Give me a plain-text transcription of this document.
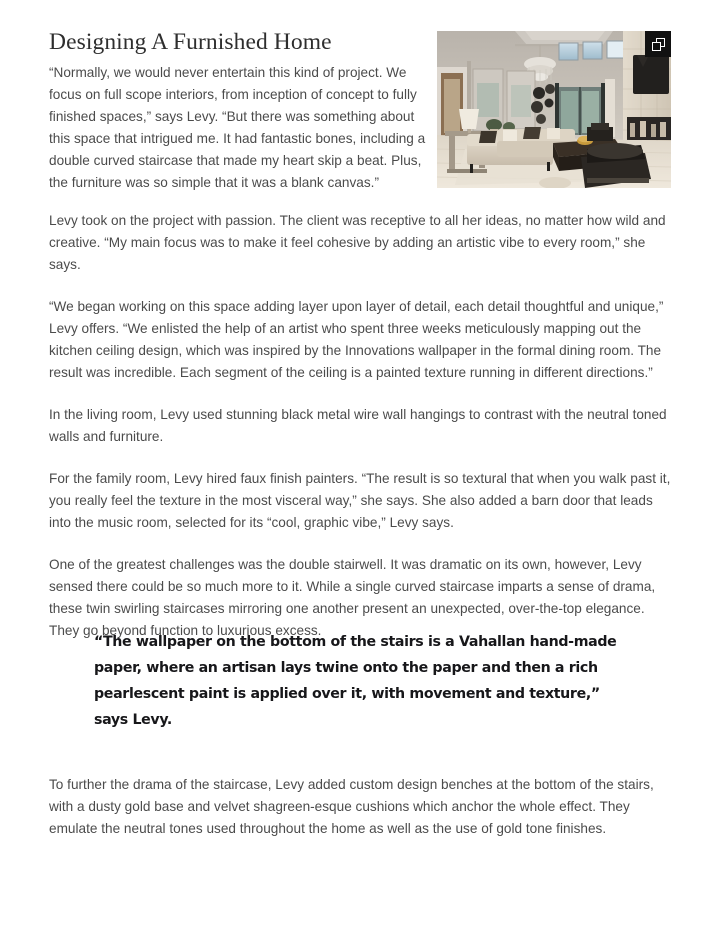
Designing A Furnished Home

“Normally, we would never entertain this kind of project. We focus on full scope interiors, from inception of concept to fully finished spaces,” says Levy. “But there was something about this space that intrigued me. It had fantastic bones, including a double curved staircase that made my heart skip a beat. Plus, the furniture was so simple that it was a blank canvas.”

Levy took on the project with passion. The client was receptive to all her ideas, no matter how wild and creative. “My main focus was to make it feel cohesive by adding an artistic vibe to every room,” she says.

“We began working on this space adding layer upon layer of detail, each detail thoughtful and unique,” Levy offers. “We enlisted the help of an artist who spent three weeks meticulously mapping out the kitchen ceiling design, which was inspired by the Innovations wallpaper in the formal dining room. The result was incredible. Each segment of the ceiling is a painted texture running in different directions.”

In the living room, Levy used stunning black metal wire wall hangings to contrast with the neutral toned walls and furniture.

For the family room, Levy hired faux finish painters. “The result is so textural that when you walk past it, you really feel the texture in the most visceral way,” she says. She also added a barn door that leads into the music room, selected for its “cool, graphic vibe,” Levy says.

One of the greatest challenges was the double stairwell. It was dramatic on its own, however, Levy sensed there could be so much more to it. While a single curved staircase imparts a sense of drama, these twin swirling staircases mirroring one another present an unexpected, over-the-top elegance. They go beyond function to luxurious excess.

“The wallpaper on the bottom of the stairs is a Vahallan hand-made paper, where an artisan lays twine onto the paper and then a rich pearlescent paint is applied over it, with movement and texture,” says Levy.

To further the drama of the staircase, Levy added custom design benches at the bottom of the stairs, with a dusty gold base and velvet shagreen-esque cushions which anchor the whole effect. They emulate the neutral tones used throughout the home as well as the use of gold tone finishes.
